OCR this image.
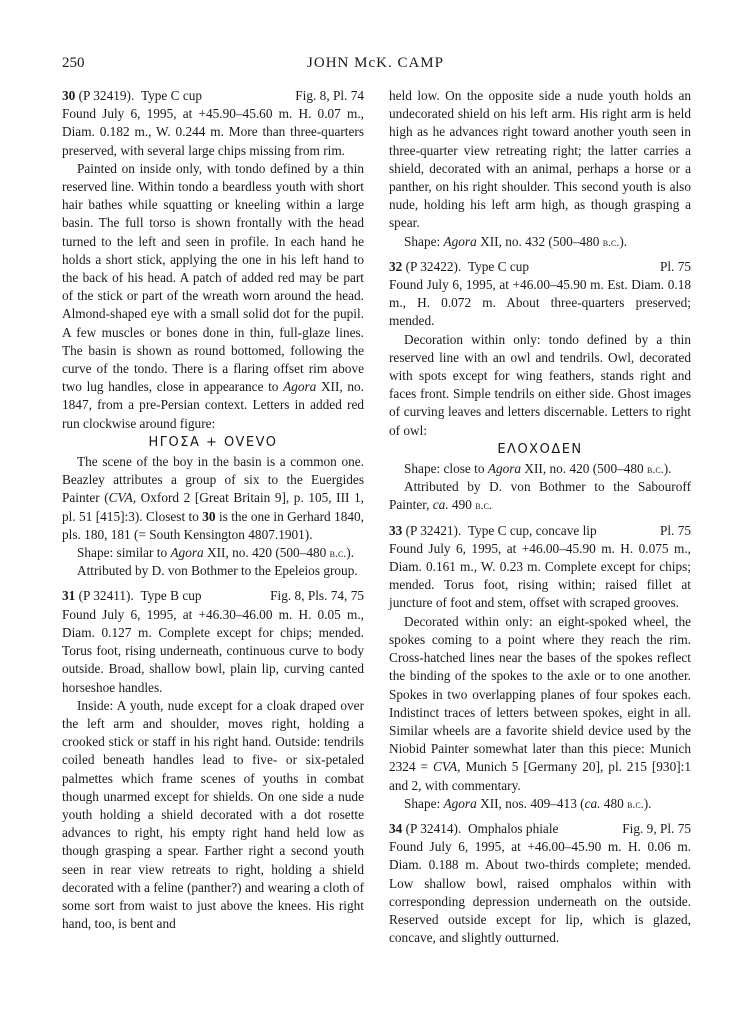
250	JOHN McK. CAMP

30 (P 32419). Type C cup	Fig. 8, Pl. 74

Found July 6, 1995, at +45.90–45.60 m. H. 0.07 m., Diam. 0.182 m., W. 0.244 m. More than three-quarters preserved, with several large chips missing from rim.

Painted on inside only, with tondo defined by a thin reserved line. Within tondo a beardless youth with short hair bathes while squatting or kneeling within a large basin. The full torso is shown frontally with the head turned to the left and seen in profile. In each hand he holds a short stick, applying the one in his left hand to the back of his head. A patch of added red may be part of the stick or part of the wreath worn around the head. Almond-shaped eye with a small solid dot for the pupil. A few muscles or bones done in thin, full-glaze lines. The basin is shown as round bottomed, following the curve of the tondo. There is a flaring offset rim above two lug handles, close in appearance to Agora XII, no. 1847, from a pre-Persian context. Letters in added red run clockwise around figure:

HΓΟΣA + OVEVO

The scene of the boy in the basin is a common one. Beazley attributes a group of six to the Euergides Painter (CVA, Oxford 2 [Great Britain 9], p. 105, III 1, pl. 51 [415]:3). Closest to 30 is the one in Gerhard 1840, pls. 180, 181 (= South Kensington 4807.1901).

Shape: similar to Agora XII, no. 420 (500–480 b.c.).

Attributed by D. von Bothmer to the Epeleios group.

31 (P 32411). Type B cup	Fig. 8, Pls. 74, 75

Found July 6, 1995, at +46.30–46.00 m. H. 0.05 m., Diam. 0.127 m. Complete except for chips; mended. Torus foot, rising underneath, continuous curve to body outside. Broad, shallow bowl, plain lip, curving canted horseshoe handles.

Inside: A youth, nude except for a cloak draped over the left arm and shoulder, moves right, holding a crooked stick or staff in his right hand. Outside: tendrils coiled beneath handles lead to five- or six-petaled palmettes which frame scenes of youths in combat though unarmed except for shields. On one side a nude youth holding a shield decorated with a dot rosette advances to right, his empty right hand held low as though grasping a spear. Farther right a second youth seen in rear view retreats to right, holding a shield decorated with a feline (panther?) and wearing a cloth of some sort from waist to just above the knees. His right hand, too, is bent and

held low. On the opposite side a nude youth holds an undecorated shield on his left arm. His right arm is held high as he advances right toward another youth seen in three-quarter view retreating right; the latter carries a shield, decorated with an animal, perhaps a horse or a panther, on his right shoulder. This second youth is also nude, holding his left arm high, as though grasping a spear.

Shape: Agora XII, no. 432 (500–480 b.c.).

32 (P 32422). Type C cup	Pl. 75

Found July 6, 1995, at +46.00–45.90 m. Est. Diam. 0.18 m., H. 0.072 m. About three-quarters preserved; mended.

Decoration within only: tondo defined by a thin reserved line with an owl and tendrils. Owl, decorated with spots except for wing feathers, stands right and faces front. Simple tendrils on either side. Ghost images of curving leaves and letters discernable. Letters to right of owl:

ΕΛΟΧΟΔΕΝ

Shape: close to Agora XII, no. 420 (500–480 b.c.).

Attributed by D. von Bothmer to the Sabouroff Painter, ca. 490 b.c.

33 (P 32421). Type C cup, concave lip	Pl. 75

Found July 6, 1995, at +46.00–45.90 m. H. 0.075 m., Diam. 0.161 m., W. 0.23 m. Complete except for chips; mended. Torus foot, rising within; raised fillet at juncture of foot and stem, offset with scraped grooves.

Decorated within only: an eight-spoked wheel, the spokes coming to a point where they reach the rim. Cross-hatched lines near the bases of the spokes reflect the binding of the spokes to the axle or to one another. Spokes in two overlapping planes of four spokes each. Indistinct traces of letters between spokes, eight in all. Similar wheels are a favorite shield device used by the Niobid Painter somewhat later than this piece: Munich 2324 = CVA, Munich 5 [Germany 20], pl. 215 [930]:1 and 2, with commentary.

Shape: Agora XII, nos. 409–413 (ca. 480 b.c.).

34 (P 32414). Omphalos phiale	Fig. 9, Pl. 75

Found July 6, 1995, at +46.00–45.90 m. H. 0.06 m. Diam. 0.188 m. About two-thirds complete; mended. Low shallow bowl, raised omphalos within with corresponding depression underneath on the outside. Reserved outside except for lip, which is glazed, concave, and slightly outturned.
